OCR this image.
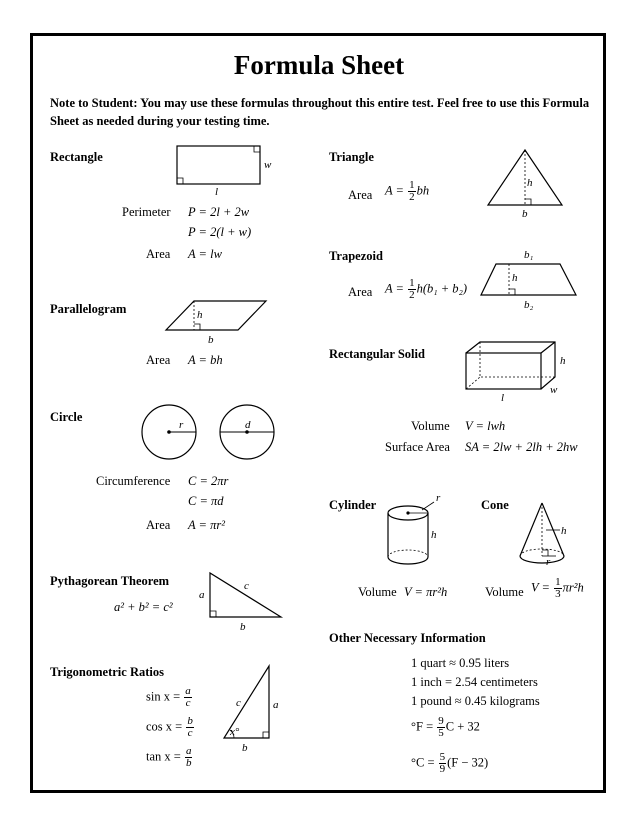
Formula Sheet
Note to Student: You may use these formulas throughout this entire test. Feel free to use this Formula Sheet as needed during your testing time.
Rectangle
w
l
Perimeter P = 2l + 2w
P = 2(l + w)
Area A = lw
Triangle
Area $A = \frac{1}{2}$ bh
h
b
Trapezoid
Area $A = \frac{1}{2} h(b_1 + b_2)$
h
b₁
b₂
Parallelogram	h
b
Area A = bh	Rectangular Solid	h
w
l
Volume V = lwh
Surface Area SA = 2lw + 2lh + 2hw
Circle
r	d
Circumference C = 2πr
C = πd
Area A = πr²
Cylinder	r
h
Volume V = πr²h
Cone
h
r
Volume $V = \frac{1}{3} \pi r^2h$
Pythagorean Theorem
a² + b² = c²
a
c
b
Other Necessary Information
1 quart ≈ 0.95 liters
1 inch = 2.54 centimeters
1 pound ≈ 0.45 kilograms
$^\circ F = \frac{9}{5}$ C + 32
$^\circ C = \frac{5}{9} (F - 32)$
Trigonometric Ratios
$\sin x = \frac{a}{c}$
$\cos x = \frac{b}{c}$
$\tan x = \frac{a}{b}$
a
c
x°
b
